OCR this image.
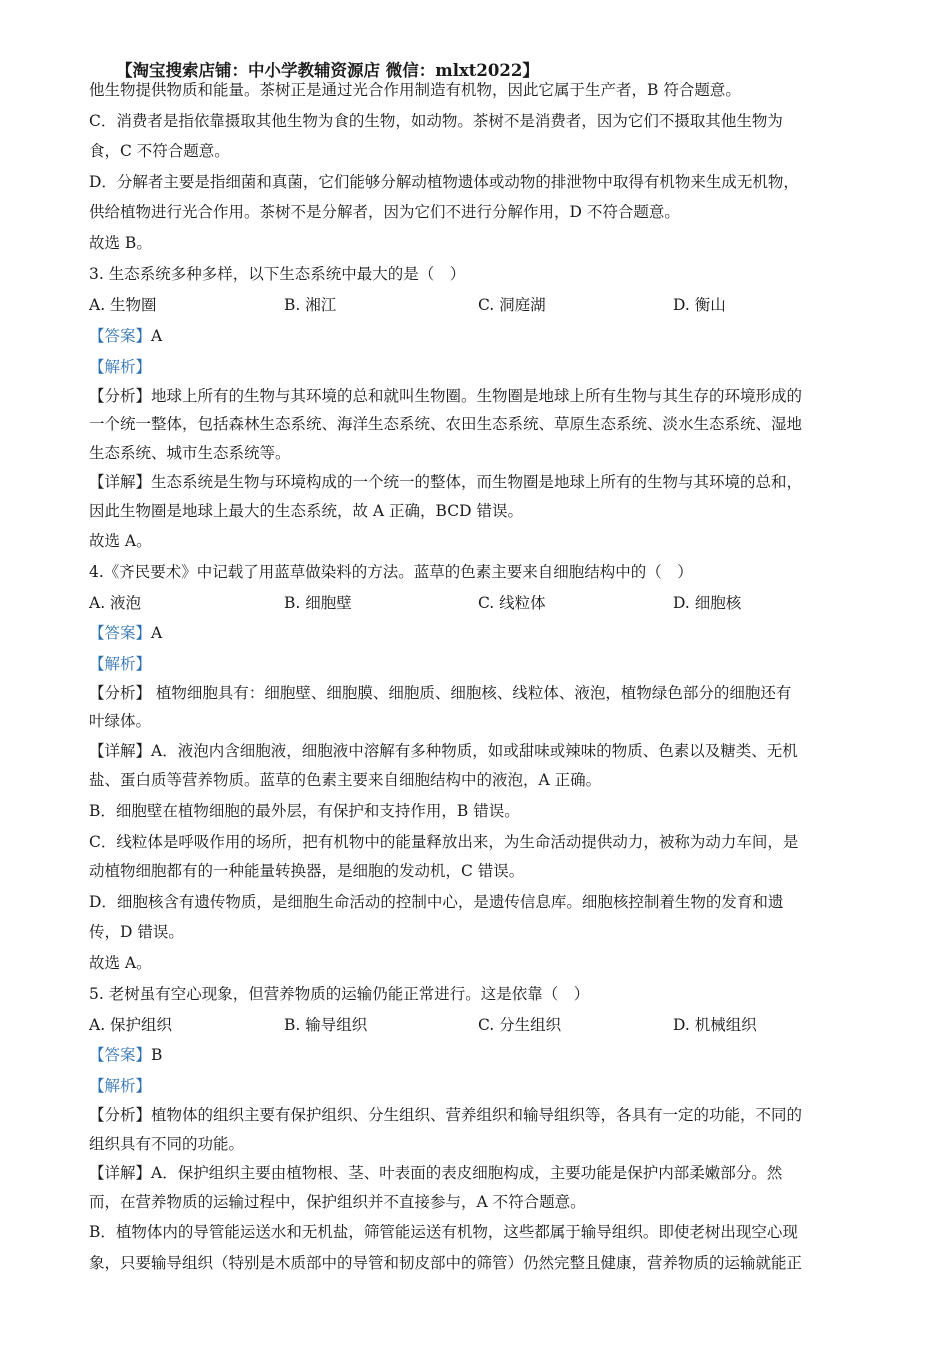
【淘宝搜索店铺：中小学教辅资源店 微信：mlxt2022】
他生物提供物质和能量。茶树正是通过光合作用制造有机物，因此它属于生产者，B 符合题意。
C．消费者是指依靠摄取其他生物为食的生物，如动物。茶树不是消费者，因为它们不摄取其他生物为
食，C 不符合题意。
D．分解者主要是指细菌和真菌，它们能够分解动植物遗体或动物的排泄物中取得有机物来生成无机物，
供给植物进行光合作用。茶树不是分解者，因为它们不进行分解作用，D 不符合题意。
故选 B。
3. 生态系统多种多样，以下生态系统中最大的是（　）
A. 生物圈	B. 湘江	C. 洞庭湖	D. 衡山
【答案】A
【解析】
【分析】地球上所有的生物与其环境的总和就叫生物圈。生物圈是地球上所有生物与其生存的环境形成的
一个统一整体，包括森林生态系统、海洋生态系统、农田生态系统、草原生态系统、淡水生态系统、湿地
生态系统、城市生态系统等。
【详解】生态系统是生物与环境构成的一个统一的整体，而生物圈是地球上所有的生物与其环境的总和，
因此生物圈是地球上最大的生态系统，故 A 正确，BCD 错误。
故选 A。
4.《齐民要术》中记载了用蓝草做染料的方法。蓝草的色素主要来自细胞结构中的（　）
A. 液泡	B. 细胞壁	C. 线粒体	D. 细胞核
【答案】A
【解析】
【分析】 植物细胞具有：细胞壁、细胞膜、细胞质、细胞核、线粒体、液泡，植物绿色部分的细胞还有
叶绿体。
【详解】A．液泡内含细胞液，细胞液中溶解有多种物质，如或甜味或辣味的物质、色素以及糖类、无机
盐、蛋白质等营养物质。蓝草的色素主要来自细胞结构中的液泡，A 正确。
B．细胞壁在植物细胞的最外层，有保护和支持作用，B 错误。
C．线粒体是呼吸作用的场所，把有机物中的能量释放出来，为生命活动提供动力，被称为动力车间，是
动植物细胞都有的一种能量转换器，是细胞的发动机，C 错误。
D．细胞核含有遗传物质，是细胞生命活动的控制中心，是遗传信息库。细胞核控制着生物的发育和遗
传，D 错误。
故选 A。
5. 老树虽有空心现象，但营养物质的运输仍能正常进行。这是依靠（　）
A. 保护组织	B. 输导组织	C. 分生组织	D. 机械组织
【答案】B
【解析】
【分析】植物体的组织主要有保护组织、分生组织、营养组织和输导组织等，各具有一定的功能，不同的
组织具有不同的功能。
【详解】A．保护组织主要由植物根、茎、叶表面的表皮细胞构成，主要功能是保护内部柔嫩部分。然
而，在营养物质的运输过程中，保护组织并不直接参与，A 不符合题意。
B．植物体内的导管能运送水和无机盐，筛管能运送有机物，这些都属于输导组织。即使老树出现空心现
象，只要输导组织（特别是木质部中的导管和韧皮部中的筛管）仍然完整且健康，营养物质的运输就能正
